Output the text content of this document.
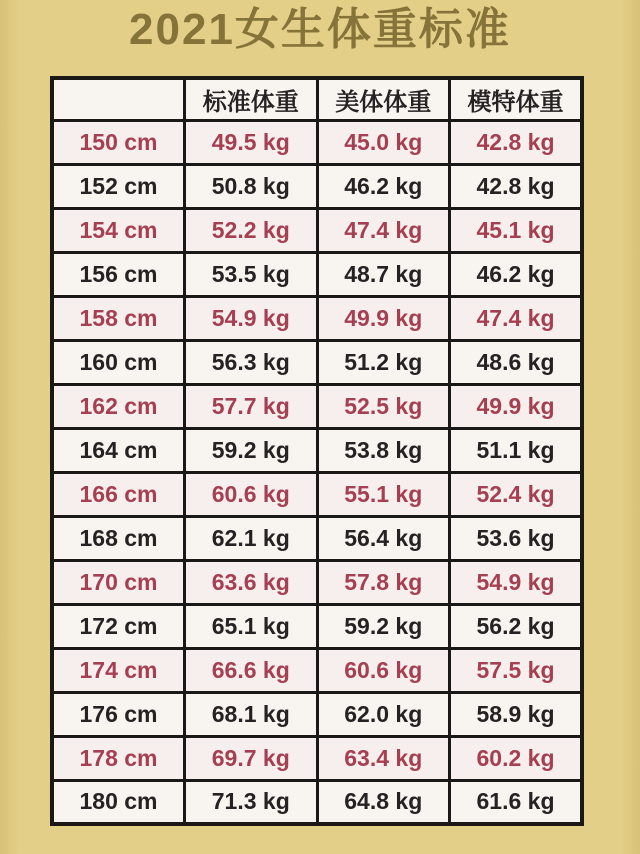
2021女生体重标准
	标准体重	美体体重	模特体重
150 cm	49.5 kg	45.0 kg	42.8 kg
152 cm	50.8 kg	46.2 kg	42.8 kg
154 cm	52.2 kg	47.4 kg	45.1 kg
156 cm	53.5 kg	48.7 kg	46.2 kg
158 cm	54.9 kg	49.9 kg	47.4 kg
160 cm	56.3 kg	51.2 kg	48.6 kg
162 cm	57.7 kg	52.5 kg	49.9 kg
164 cm	59.2 kg	53.8 kg	51.1 kg
166 cm	60.6 kg	55.1 kg	52.4 kg
168 cm	62.1 kg	56.4 kg	53.6 kg
170 cm	63.6 kg	57.8 kg	54.9 kg
172 cm	65.1 kg	59.2 kg	56.2 kg
174 cm	66.6 kg	60.6 kg	57.5 kg
176 cm	68.1 kg	62.0 kg	58.9 kg
178 cm	69.7 kg	63.4 kg	60.2 kg
180 cm	71.3 kg	64.8 kg	61.6 kg
